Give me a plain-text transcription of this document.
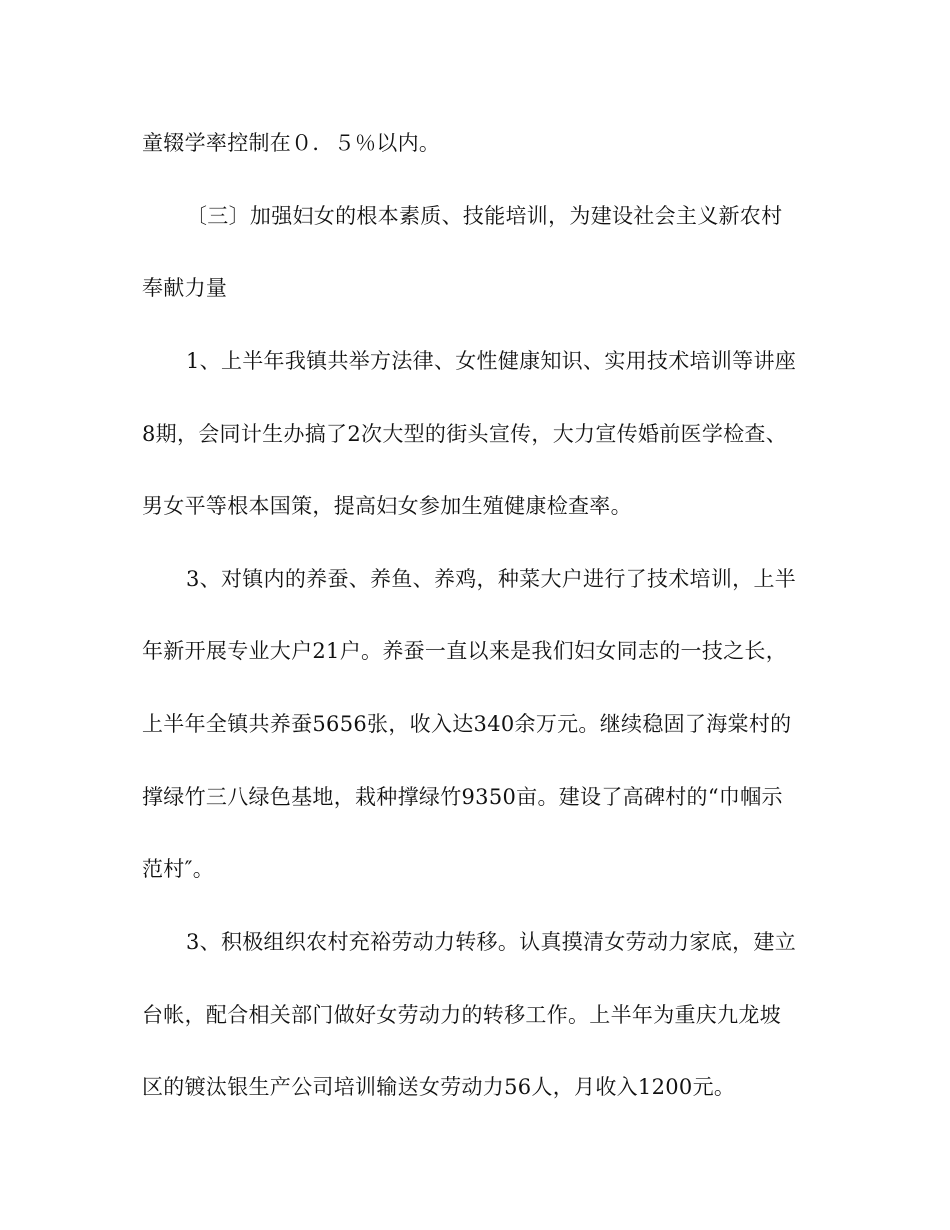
童辍学率控制在０．５％以内。
〔三〕加强妇女的根本素质、技能培训，为建设社会主义新农村
奉献力量
1、上半年我镇共举方法律、女性健康知识、实用技术培训等讲座
8期，会同计生办搞了2次大型的街头宣传，大力宣传婚前医学检查、
男女平等根本国策，提高妇女参加生殖健康检查率。
3、对镇内的养蚕、养鱼、养鸡，种菜大户进行了技术培训，上半
年新开展专业大户21户。养蚕一直以来是我们妇女同志的一技之长，
上半年全镇共养蚕5656张，收入达340余万元。继续稳固了海棠村的
撑绿竹三八绿色基地，栽种撑绿竹9350亩。建设了高碑村的“巾帼示
范村″。
3、积极组织农村充裕劳动力转移。认真摸清女劳动力家底，建立
台帐，配合相关部门做好女劳动力的转移工作。上半年为重庆九龙坡
区的镀汰银生产公司培训输送女劳动力56人，月收入1200元。
